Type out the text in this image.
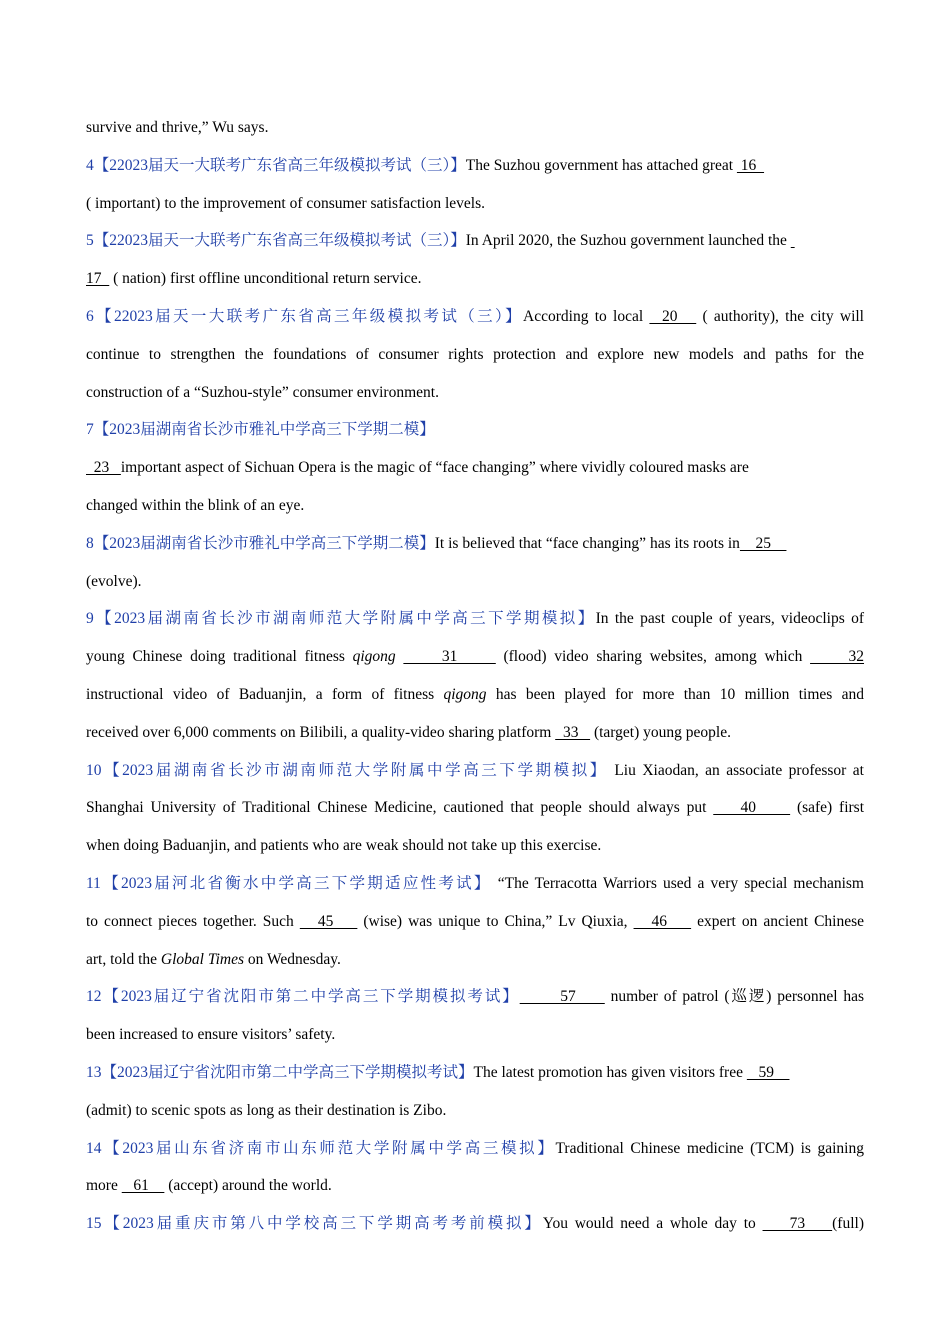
survive and thrive,” Wu says.
4【22023届天一大联考广东省高三年级模拟考试（三）】The Suzhou government has attached great  16
( important) to the improvement of consumer satisfaction levels.
5【22023届天一大联考广东省高三年级模拟考试（三）】In April 2020, the Suzhou government launched the
17   ( nation) first offline unconditional return service.
6【22023届天一大联考广东省高三年级模拟考试（三）】According to local   20    ( authority), the city will
continue to strengthen the foundations of consumer rights protection and explore new models and paths for the
construction of a “Suzhou-style” consumer environment.
7【2023届湖南省长沙市雅礼中学高三下学期二模】
23   important aspect of Sichuan Opera is the magic of “face changing” where vividly coloured masks are
changed within the blink of an eye.
8【2023届湖南省长沙市雅礼中学高三下学期二模】It is believed that “face changing” has its roots in    25
(evolve).
9【2023届湖南省长沙市湖南师范大学附属中学高三下学期模拟】In the past couple of years, videoclips of
young Chinese doing traditional fitness qigong      31      (flood) video sharing websites, among which      32
instructional video of Baduanjin, a form of fitness qigong has been played for more than 10 million times and
received over 6,000 comments on Bilibili, a quality-video sharing platform   33    (target) young people.
10【2023届湖南省长沙市湖南师范大学附属中学高三下学期模拟】 Liu Xiaodan, an associate professor at
Shanghai University of Traditional Chinese Medicine, cautioned that people should always put     40      (safe) first
when doing Baduanjin, and patients who are weak should not take up this exercise.
11【2023届河北省衡水中学高三下学期适应性考试】 “The Terracotta Warriors used a very special mechanism
to connect pieces together. Such    45     (wise) was unique to China,” Lv Qiuxia,    46     expert on ancient Chinese
art, told the Global Times on Wednesday.
12【2023届辽宁省沈阳市第二中学高三下学期模拟考试】       57      number of patrol (巡逻) personnel has
been increased to ensure visitors’ safety.
13【2023届辽宁省沈阳市第二中学高三下学期模拟考试】The latest promotion has given visitors free    59
(admit) to scenic spots as long as their destination is Zibo.
14【2023届山东省济南市山东师范大学附属中学高三模拟】Traditional Chinese medicine (TCM) is gaining
more    61     (accept) around the world.
15【2023届重庆市第八中学校高三下学期高考考前模拟】You would need a whole day to     73    (full)
